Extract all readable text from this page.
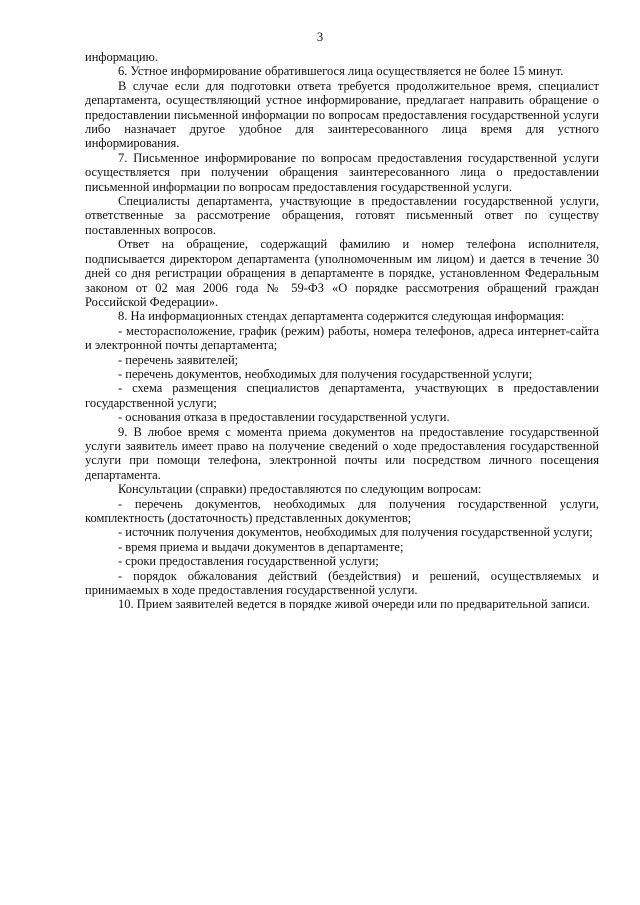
3

информацию.

6. Устное информирование обратившегося лица осуществляется не более 15 минут.

В случае если для подготовки ответа требуется продолжительное время, специалист департамента, осуществляющий устное информирование, предлагает направить обращение о предоставлении письменной информации по вопросам предоставления государственной услуги либо назначает другое удобное для заинтересованного лица время для устного информирования.

7. Письменное информирование по вопросам предоставления государственной услуги осуществляется при получении обращения заинтересованного лица о предоставлении письменной информации по вопросам предоставления государственной услуги.

Специалисты департамента, участвующие в предоставлении государственной услуги, ответственные за рассмотрение обращения, готовят письменный ответ по существу поставленных вопросов.

Ответ на обращение, содержащий фамилию и номер телефона исполнителя, подписывается директором департамента (уполномоченным им лицом) и дается в течение 30 дней со дня регистрации обращения в департаменте в порядке, установленном Федеральным законом от 02 мая 2006 года № 59-ФЗ «О порядке рассмотрения обращений граждан Российской Федерации».

8. На информационных стендах департамента содержится следующая информация:

- месторасположение, график (режим) работы, номера телефонов, адреса интернет-сайта и электронной почты департамента;

- перечень заявителей;

- перечень документов, необходимых для получения государственной услуги;

- схема размещения специалистов департамента, участвующих в предоставлении государственной услуги;

- основания отказа в предоставлении государственной услуги.

9. В любое время с момента приема документов на предоставление государственной услуги заявитель имеет право на получение сведений о ходе предоставления государственной услуги при помощи телефона, электронной почты или посредством личного посещения департамента.

Консультации (справки) предоставляются по следующим вопросам:

- перечень документов, необходимых для получения государственной услуги, комплектность (достаточность) представленных документов;

- источник получения документов, необходимых для получения государственной услуги;

- время приема и выдачи документов в департаменте;

- сроки предоставления государственной услуги;

- порядок обжалования действий (бездействия) и решений, осуществляемых и принимаемых в ходе предоставления государственной услуги.

10. Прием заявителей ведется в порядке живой очереди или по предварительной записи.
